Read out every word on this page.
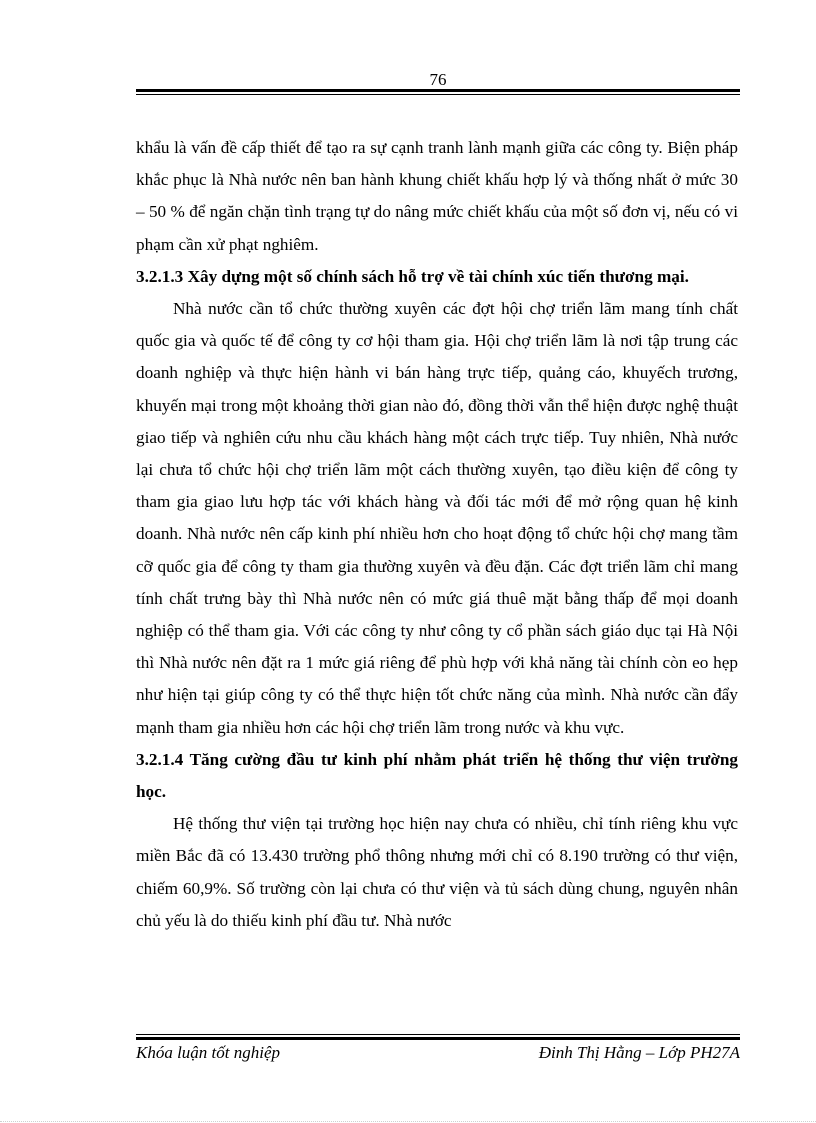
76

khẩu là vấn đề cấp thiết để tạo ra sự cạnh tranh lành mạnh giữa các công ty. Biện pháp khắc phục là Nhà nước nên ban hành khung chiết khấu hợp lý và thống nhất ở mức 30 – 50 % để ngăn chặn tình trạng tự do nâng mức chiết khấu của một số đơn vị, nếu có vi phạm cần xử phạt nghiêm.

3.2.1.3 Xây dựng một số chính sách hỗ trợ về tài chính xúc tiến thương mại.

Nhà nước cần tổ chức thường xuyên các đợt hội chợ triển lãm mang tính chất quốc gia và quốc tế để công ty cơ hội tham gia. Hội chợ triển lãm là nơi tập trung các doanh nghiệp và thực hiện hành vi bán hàng trực tiếp, quảng cáo, khuyếch trương, khuyến mại trong một khoảng thời gian nào đó, đồng thời vẫn thể hiện được nghệ thuật giao tiếp và nghiên cứu nhu cầu khách hàng một cách trực tiếp. Tuy nhiên, Nhà nước lại chưa tổ chức hội chợ triển lãm một cách thường xuyên, tạo điều kiện để công ty tham gia giao lưu hợp tác với khách hàng và đối tác mới để mở rộng quan hệ kinh doanh. Nhà nước nên cấp kinh phí nhiều hơn cho hoạt động tổ chức hội chợ mang tầm cỡ quốc gia để công ty tham gia thường xuyên và đều đặn. Các đợt triển lãm chỉ mang tính chất trưng bày thì Nhà nước nên có mức giá thuê mặt bằng thấp để mọi doanh nghiệp có thể tham gia. Với các công ty như công ty cổ phần sách giáo dục tại Hà Nội thì Nhà nước nên đặt ra 1 mức giá riêng để phù hợp với khả năng tài chính còn eo hẹp như hiện tại giúp công ty có thể thực hiện tốt chức năng của mình. Nhà nước cần đẩy mạnh tham gia nhiều hơn các hội chợ triển lãm trong nước và khu vực.

3.2.1.4 Tăng cường đầu tư kinh phí nhằm phát triển hệ thống thư viện trường học.

Hệ thống thư viện tại trường học hiện nay chưa có nhiều, chỉ tính riêng khu vực miền Bắc đã có 13.430 trường phổ thông nhưng mới chỉ có 8.190 trường có thư viện, chiếm 60,9%. Số trường còn lại chưa có thư viện và tủ sách dùng chung, nguyên nhân chủ yếu là do thiếu kinh phí đầu tư. Nhà nước

Khóa luận tốt nghiệp	Đinh Thị Hằng – Lớp PH27A
